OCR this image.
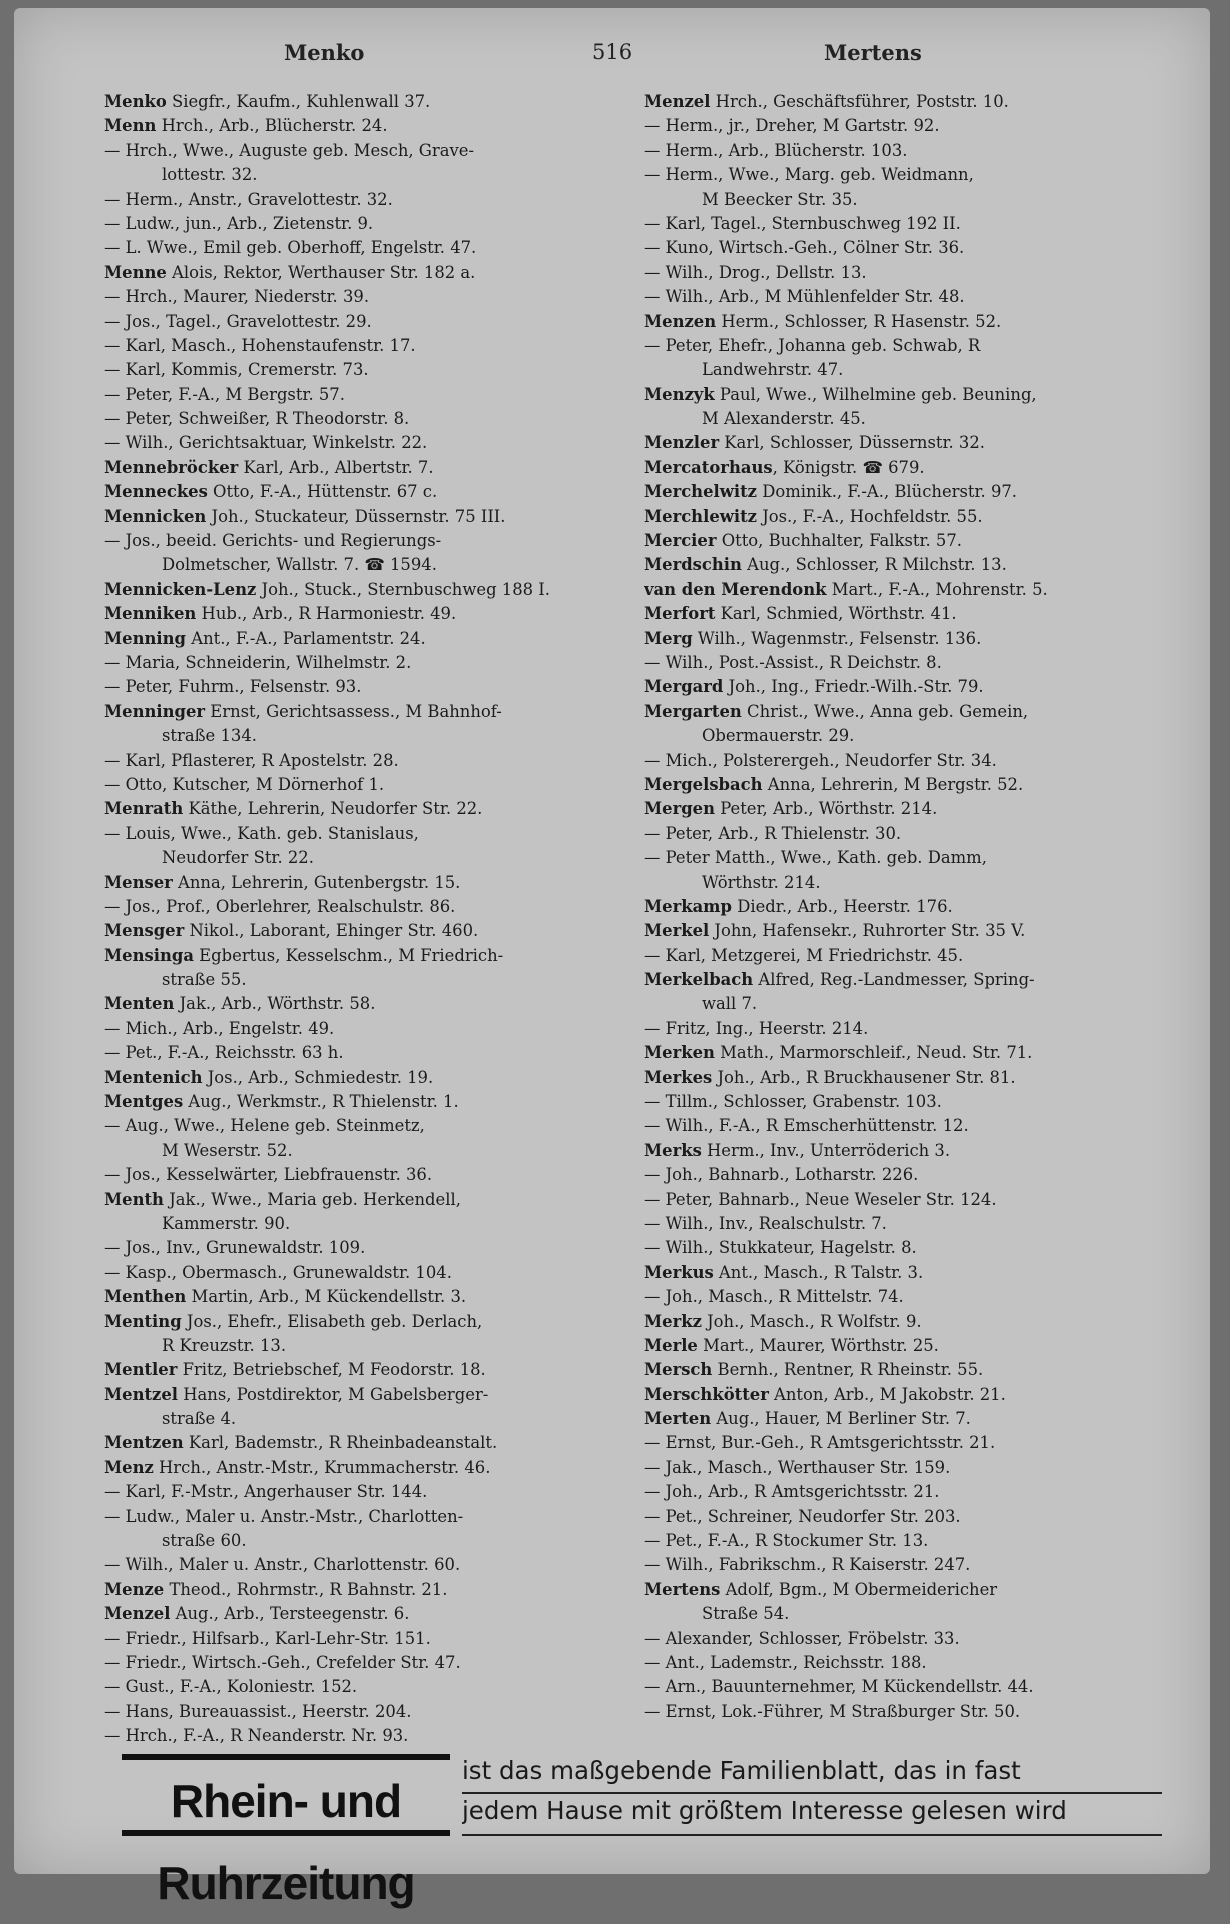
Menko	516	Mertens
Menko Siegfr., Kaufm., Kuhlenwall 37.
Menn Hrch., Arb., Blücherstr. 24.
— Hrch., Wwe., Auguste geb. Mesch, Grave-
lottestr. 32.
— Herm., Anstr., Gravelottestr. 32.
— Ludw., jun., Arb., Zietenstr. 9.
— L. Wwe., Emil geb. Oberhoff, Engelstr. 47.
Menne Alois, Rektor, Werthauser Str. 182 a.
— Hrch., Maurer, Niederstr. 39.
— Jos., Tagel., Gravelottestr. 29.
— Karl, Masch., Hohenstaufenstr. 17.
— Karl, Kommis, Cremerstr. 73.
— Peter, F.-A., M Bergstr. 57.
— Peter, Schweißer, R Theodorstr. 8.
— Wilh., Gerichtsaktuar, Winkelstr. 22.
Mennebröcker Karl, Arb., Albertstr. 7.
Menneckes Otto, F.-A., Hüttenstr. 67 c.
Mennicken Joh., Stuckateur, Düssernstr. 75 III.
— Jos., beeid. Gerichts- und Regierungs-
Dolmetscher, Wallstr. 7. ☎ 1594.
Mennicken-Lenz Joh., Stuck., Sternbuschweg 188 I.
Menniken Hub., Arb., R Harmoniestr. 49.
Menning Ant., F.-A., Parlamentstr. 24.
— Maria, Schneiderin, Wilhelmstr. 2.
— Peter, Fuhrm., Felsenstr. 93.
Menninger Ernst, Gerichtsassess., M Bahnhof-
straße 134.
— Karl, Pflasterer, R Apostelstr. 28.
— Otto, Kutscher, M Dörnerhof 1.
Menrath Käthe, Lehrerin, Neudorfer Str. 22.
— Louis, Wwe., Kath. geb. Stanislaus,
Neudorfer Str. 22.
Menser Anna, Lehrerin, Gutenbergstr. 15.
— Jos., Prof., Oberlehrer, Realschulstr. 86.
Mensger Nikol., Laborant, Ehinger Str. 460.
Mensinga Egbertus, Kesselschm., M Friedrich-
straße 55.
Menten Jak., Arb., Wörthstr. 58.
— Mich., Arb., Engelstr. 49.
— Pet., F.-A., Reichsstr. 63 h.
Mentenich Jos., Arb., Schmiedestr. 19.
Mentges Aug., Werkmstr., R Thielenstr. 1.
— Aug., Wwe., Helene geb. Steinmetz,
M Weserstr. 52.
— Jos., Kesselwärter, Liebfrauenstr. 36.
Menth Jak., Wwe., Maria geb. Herkendell,
Kammerstr. 90.
— Jos., Inv., Grunewaldstr. 109.
— Kasp., Obermasch., Grunewaldstr. 104.
Menthen Martin, Arb., M Kückendellstr. 3.
Menting Jos., Ehefr., Elisabeth geb. Derlach,
R Kreuzstr. 13.
Mentler Fritz, Betriebschef, M Feodorstr. 18.
Mentzel Hans, Postdirektor, M Gabelsberger-
straße 4.
Mentzen Karl, Bademstr., R Rheinbadeanstalt.
Menz Hrch., Anstr.-Mstr., Krummacherstr. 46.
— Karl, F.-Mstr., Angerhauser Str. 144.
— Ludw., Maler u. Anstr.-Mstr., Charlotten-
straße 60.
— Wilh., Maler u. Anstr., Charlottenstr. 60.
Menze Theod., Rohrmstr., R Bahnstr. 21.
Menzel Aug., Arb., Tersteegenstr. 6.
— Friedr., Hilfsarb., Karl-Lehr-Str. 151.
— Friedr., Wirtsch.-Geh., Crefelder Str. 47.
— Gust., F.-A., Koloniestr. 152.
— Hans, Bureauassist., Heerstr. 204.
— Hrch., F.-A., R Neanderstr. Nr. 93.
Menzel Hrch., Geschäftsführer, Poststr. 10.
— Herm., jr., Dreher, M Gartstr. 92.
— Herm., Arb., Blücherstr. 103.
— Herm., Wwe., Marg. geb. Weidmann,
M Beecker Str. 35.
— Karl, Tagel., Sternbuschweg 192 II.
— Kuno, Wirtsch.-Geh., Cölner Str. 36.
— Wilh., Drog., Dellstr. 13.
— Wilh., Arb., M Mühlenfelder Str. 48.
Menzen Herm., Schlosser, R Hasenstr. 52.
— Peter, Ehefr., Johanna geb. Schwab, R
Landwehrstr. 47.
Menzyk Paul, Wwe., Wilhelmine geb. Beuning,
M Alexanderstr. 45.
Menzler Karl, Schlosser, Düssernstr. 32.
Mercatorhaus, Königstr. ☎ 679.
Merchelwitz Dominik., F.-A., Blücherstr. 97.
Merchlewitz Jos., F.-A., Hochfeldstr. 55.
Mercier Otto, Buchhalter, Falkstr. 57.
Merdschin Aug., Schlosser, R Milchstr. 13.
van den Merendonk Mart., F.-A., Mohrenstr. 5.
Merfort Karl, Schmied, Wörthstr. 41.
Merg Wilh., Wagenmstr., Felsenstr. 136.
— Wilh., Post.-Assist., R Deichstr. 8.
Mergard Joh., Ing., Friedr.-Wilh.-Str. 79.
Mergarten Christ., Wwe., Anna geb. Gemein,
Obermauerstr. 29.
— Mich., Polsterergeh., Neudorfer Str. 34.
Mergelsbach Anna, Lehrerin, M Bergstr. 52.
Mergen Peter, Arb., Wörthstr. 214.
— Peter, Arb., R Thielenstr. 30.
— Peter Matth., Wwe., Kath. geb. Damm,
Wörthstr. 214.
Merkamp Diedr., Arb., Heerstr. 176.
Merkel John, Hafensekr., Ruhrorter Str. 35 V.
— Karl, Metzgerei, M Friedrichstr. 45.
Merkelbach Alfred, Reg.-Landmesser, Spring-
wall 7.
— Fritz, Ing., Heerstr. 214.
Merken Math., Marmorschleif., Neud. Str. 71.
Merkes Joh., Arb., R Bruckhausener Str. 81.
— Tillm., Schlosser, Grabenstr. 103.
— Wilh., F.-A., R Emscherhüttenstr. 12.
Merks Herm., Inv., Unterröderich 3.
— Joh., Bahnarb., Lotharstr. 226.
— Peter, Bahnarb., Neue Weseler Str. 124.
— Wilh., Inv., Realschulstr. 7.
— Wilh., Stukkateur, Hagelstr. 8.
Merkus Ant., Masch., R Talstr. 3.
— Joh., Masch., R Mittelstr. 74.
Merkz Joh., Masch., R Wolfstr. 9.
Merle Mart., Maurer, Wörthstr. 25.
Mersch Bernh., Rentner, R Rheinstr. 55.
Merschkötter Anton, Arb., M Jakobstr. 21.
Merten Aug., Hauer, M Berliner Str. 7.
— Ernst, Bur.-Geh., R Amtsgerichtsstr. 21.
— Jak., Masch., Werthauser Str. 159.
— Joh., Arb., R Amtsgerichtsstr. 21.
— Pet., Schreiner, Neudorfer Str. 203.
— Pet., F.-A., R Stockumer Str. 13.
— Wilh., Fabrikschm., R Kaiserstr. 247.
Mertens Adolf, Bgm., M Obermeidericher
Straße 54.
— Alexander, Schlosser, Fröbelstr. 33.
— Ant., Lademstr., Reichsstr. 188.
— Arn., Bauunternehmer, M Kückendellstr. 44.
— Ernst, Lok.-Führer, M Straßburger Str. 50.
Rhein- und Ruhrzeitung
ist das maßgebende Familienblatt, das in fast
jedem Hause mit größtem Interesse gelesen wird
